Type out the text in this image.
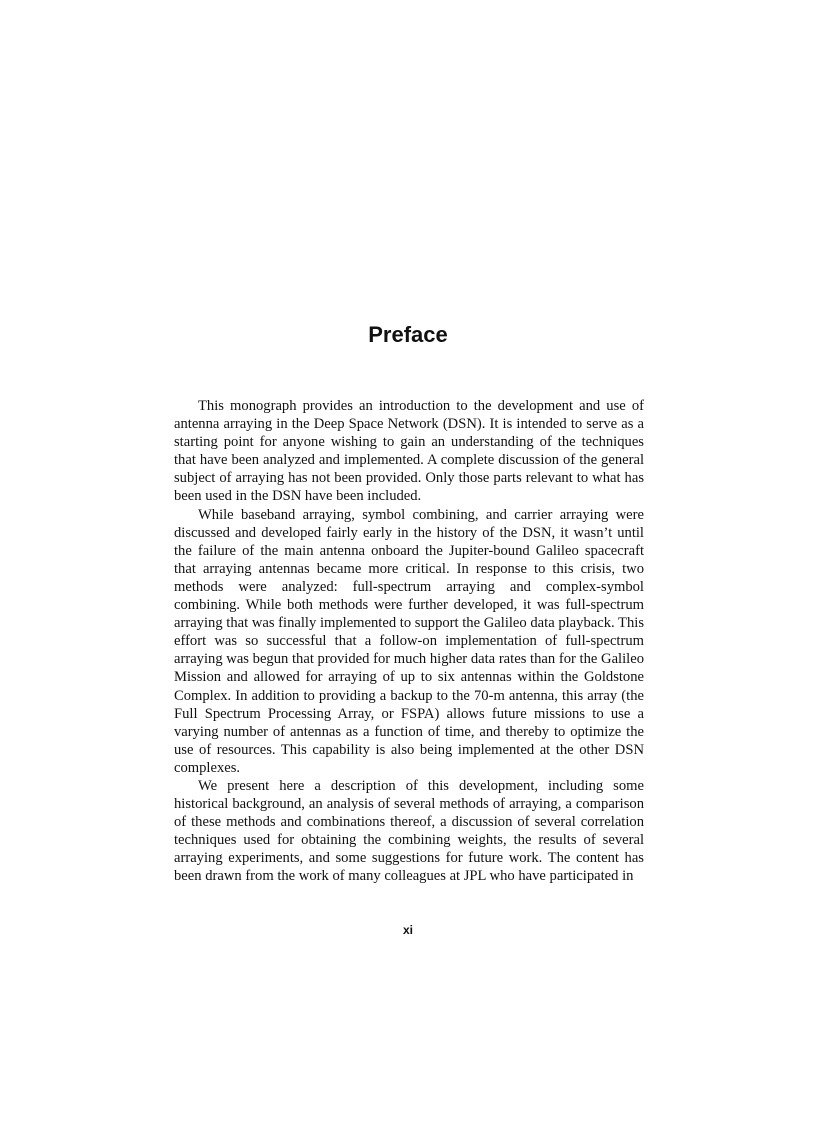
Preface

This monograph provides an introduction to the development and use of antenna arraying in the Deep Space Network (DSN). It is intended to serve as a starting point for anyone wishing to gain an understanding of the techniques that have been analyzed and implemented. A complete discussion of the general subject of arraying has not been provided. Only those parts relevant to what has been used in the DSN have been included.

While baseband arraying, symbol combining, and carrier arraying were discussed and developed fairly early in the history of the DSN, it wasn’t until the failure of the main antenna onboard the Jupiter-bound Galileo spacecraft that arraying antennas became more critical. In response to this crisis, two methods were analyzed: full-spectrum arraying and complex-symbol combining. While both methods were further developed, it was full-spectrum arraying that was finally implemented to support the Galileo data playback. This effort was so successful that a follow-on implementation of full-spectrum arraying was begun that provided for much higher data rates than for the Galileo Mission and allowed for arraying of up to six antennas within the Goldstone Complex. In addition to providing a backup to the 70-m antenna, this array (the Full Spectrum Processing Array, or FSPA) allows future missions to use a varying number of antennas as a function of time, and thereby to optimize the use of resources. This capability is also being implemented at the other DSN complexes.

We present here a description of this development, including some historical background, an analysis of several methods of arraying, a comparison of these methods and combinations thereof, a discussion of several correlation techniques used for obtaining the combining weights, the results of several arraying experiments, and some suggestions for future work. The content has been drawn from the work of many colleagues at JPL who have participated in

xi
